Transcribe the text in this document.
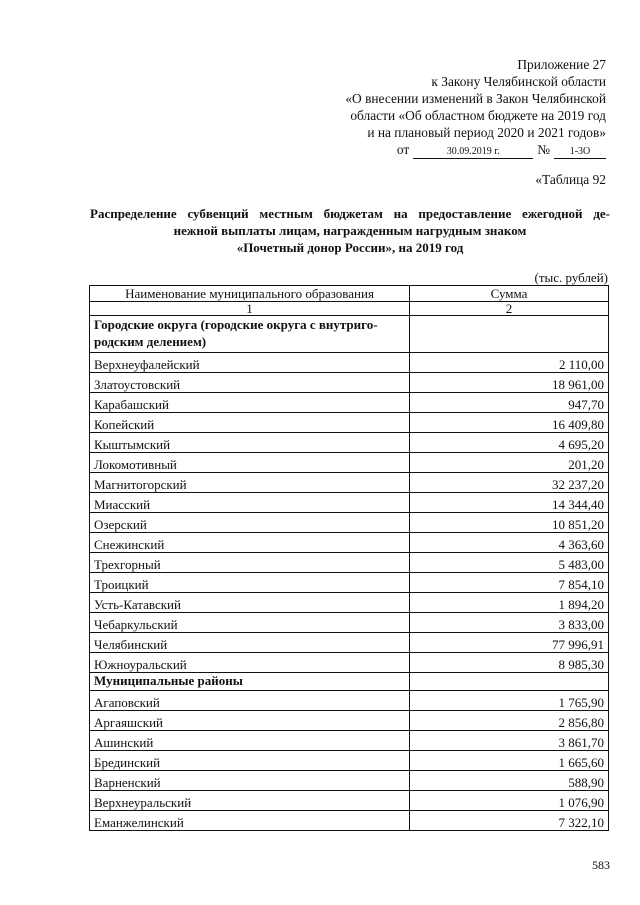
Приложение 27
к Закону Челябинской области
«О внесении изменений в Закон Челябинской
области «Об областном бюджете на 2019 год
и на плановый период 2020 и 2021 годов»
от	30.09.2019 г.	№	1-3О
«Таблица 92
Распределение субвенций местным бюджетам на предоставление ежегодной де-
нежной выплаты лицам, награжденным нагрудным знаком
«Почетный донор России», на 2019 год
(тыс. рублей)
Наименование муниципального образования	Сумма
1	2

Городские округа (городские округа с внутриго-
родским делением)	

Верхнеуфалейский	2 110,00
Златоустовский	18 961,00
Карабашский	947,70
Копейский	16 409,80
Кыштымский	4 695,20
Локомотивный	201,20
Магнитогорский	32 237,20
Миасский	14 344,40
Озерский	10 851,20
Снежинский	4 363,60
Трехгорный	5 483,00
Троицкий	7 854,10
Усть-Катавский	1 894,20
Чебаркульский	3 833,00
Челябинский	77 996,91
Южноуральский	8 985,30
Муниципальные районы	
Агаповский	1 765,90
Аргаяшский	2 856,80
Ашинский	3 861,70
Брединский	1 665,60
Варненский	588,90
Верхнеуральский	1 076,90
Еманжелинский	7 322,10
583
